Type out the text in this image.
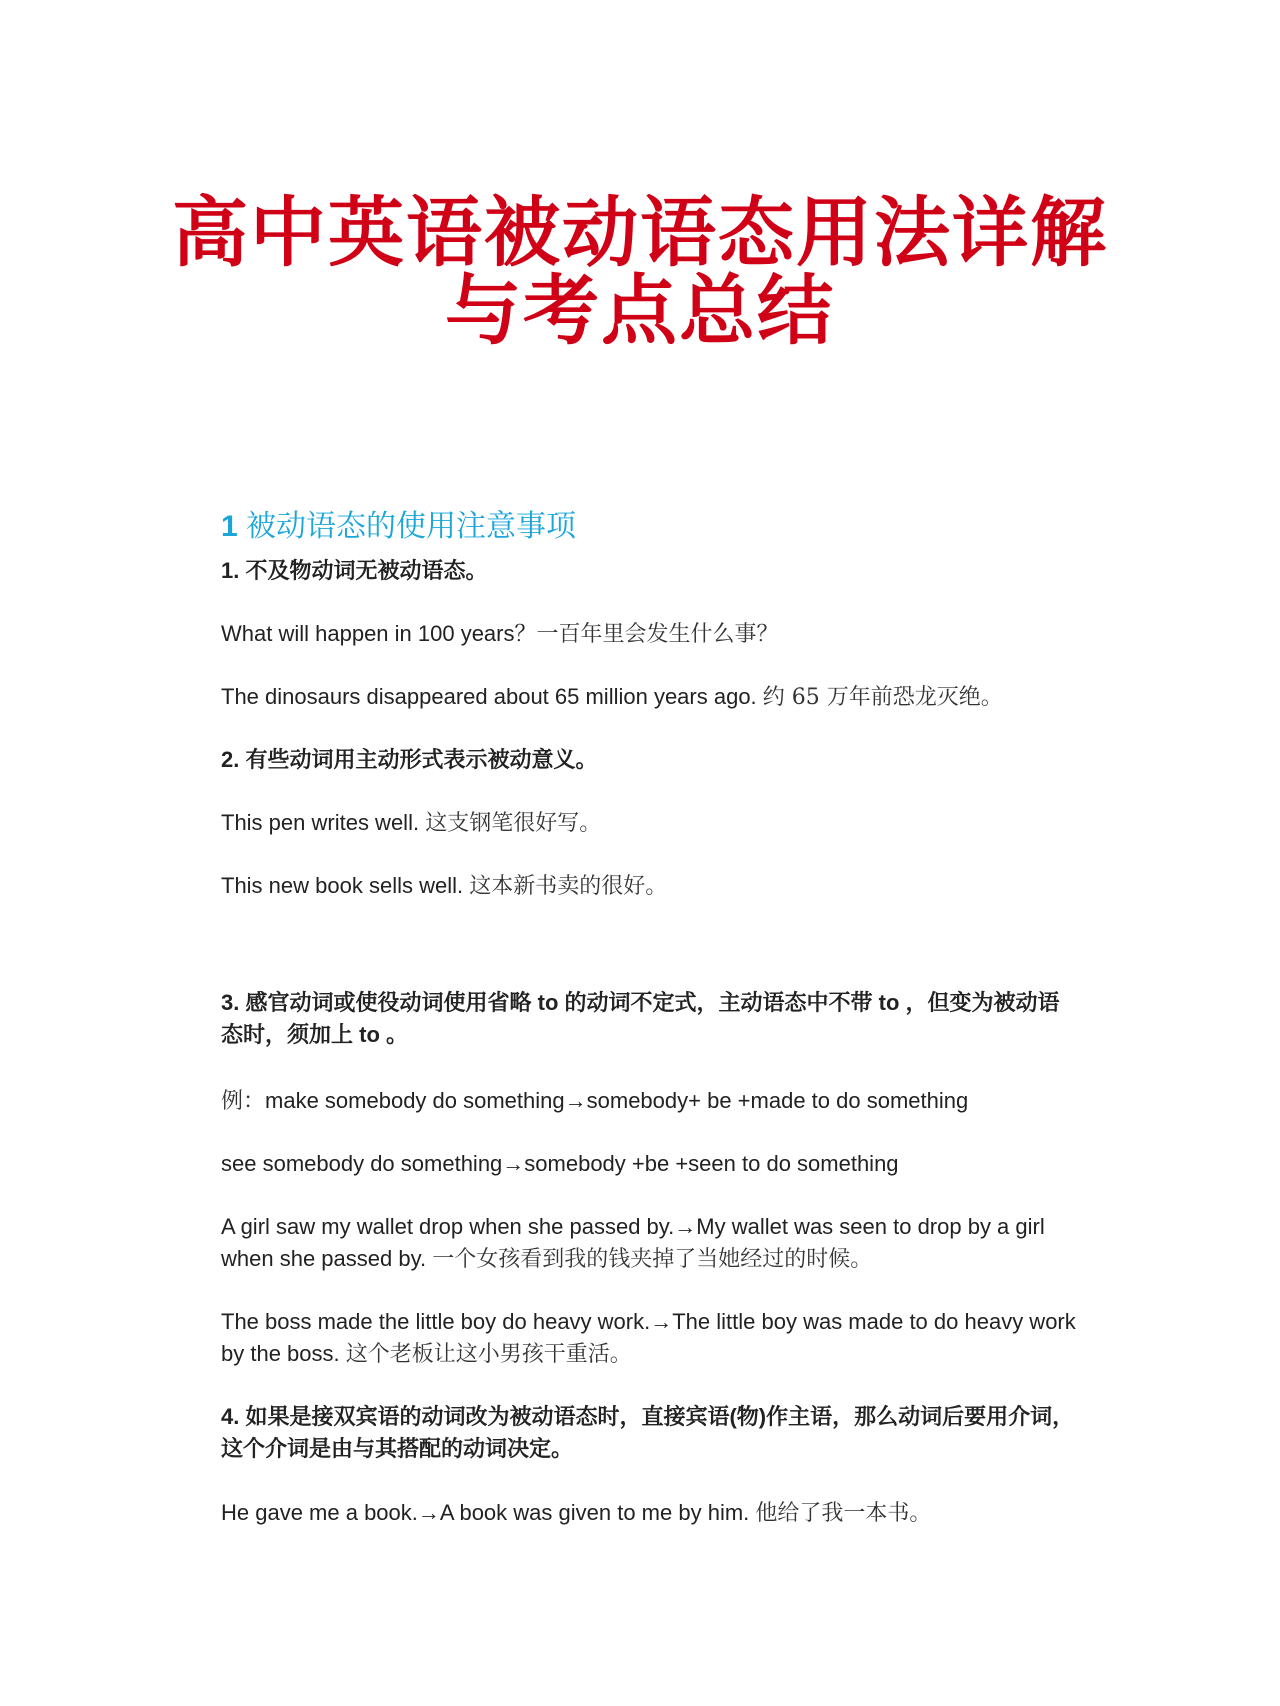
高中英语被动语态用法详解
与考点总结
1 被动语态的使用注意事项
1. 不及物动词无被动语态。
What will happen in 100 years？一百年里会发生什么事？
The dinosaurs disappeared about 65 million years ago. 约 65 万年前恐龙灭绝。
2. 有些动词用主动形式表示被动意义。
This pen writes well. 这支钢笔很好写。
This new book sells well. 这本新书卖的很好。
3. 感官动词或使役动词使用省略 to 的动词不定式，主动语态中不带 to ，但变为被动语态时，须加上 to 。
例：make somebody do something→somebody+ be +made to do something
see somebody do something→somebody +be +seen to do something
A girl saw my wallet drop when she passed by.→My wallet was seen to drop by a girl when she passed by. 一个女孩看到我的钱夹掉了当她经过的时候。
The boss made the little boy do heavy work.→The little boy was made to do heavy work by the boss. 这个老板让这小男孩干重活。
4. 如果是接双宾语的动词改为被动语态时，直接宾语(物)作主语，那么动词后要用介词，这个介词是由与其搭配的动词决定。
He gave me a book.→A book was given to me by him. 他给了我一本书。
